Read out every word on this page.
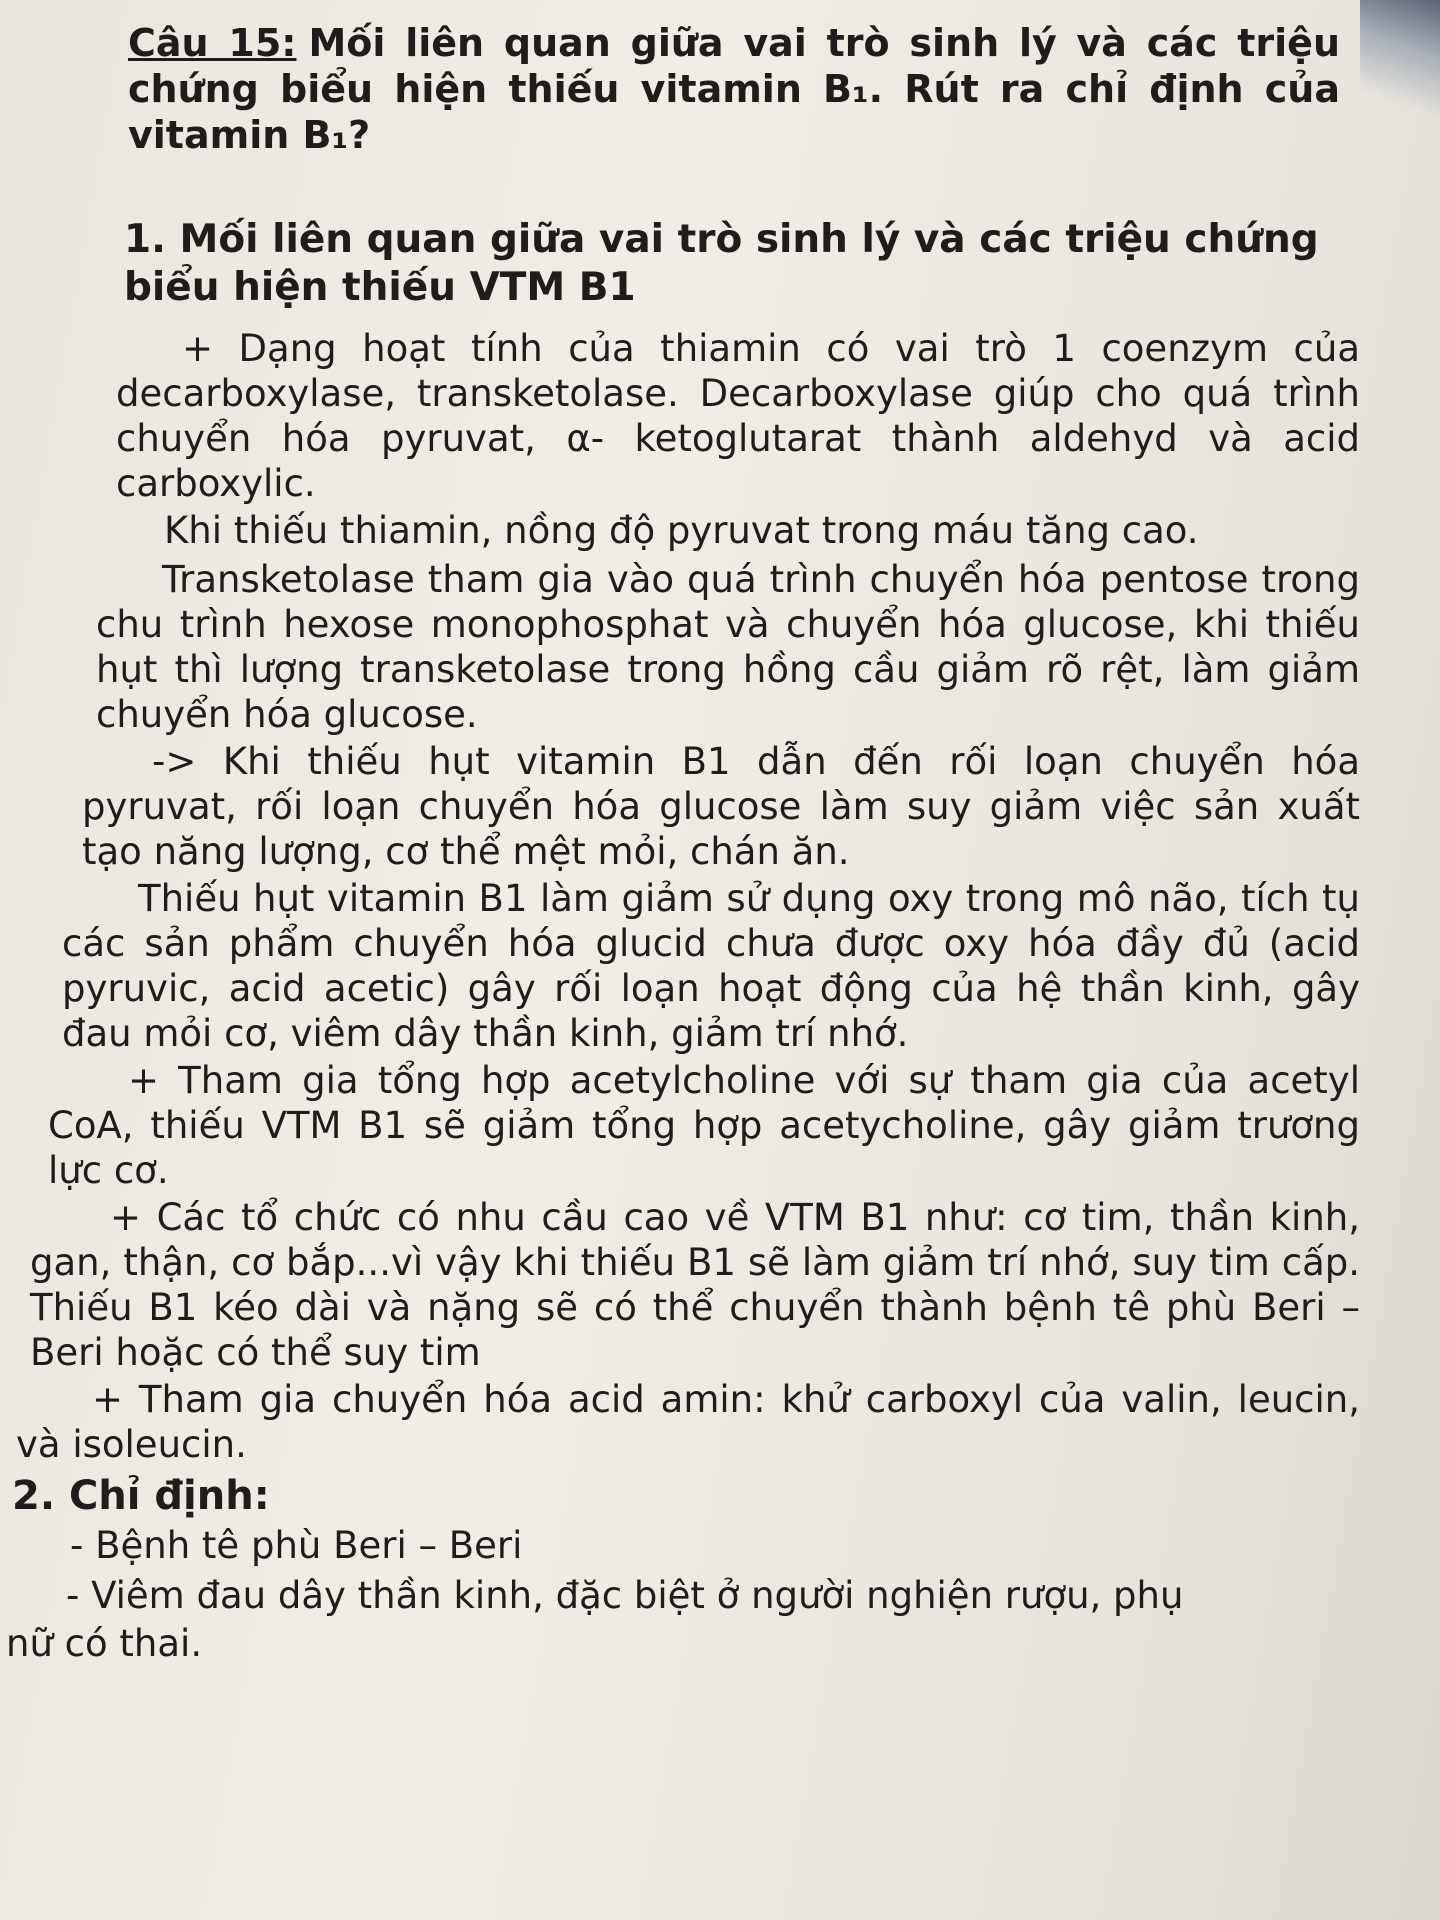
Câu 15: Mối liên quan giữa vai trò sinh lý và các triệu chứng biểu hiện thiếu vitamin B₁. Rút ra chỉ định của vitamin B₁?
1. Mối liên quan giữa vai trò sinh lý và các triệu chứng biểu hiện thiếu VTM B1
+ Dạng hoạt tính của thiamin có vai trò 1 coenzym của decarboxylase, transketolase. Decarboxylase giúp cho quá trình chuyển hóa pyruvat, α- ketoglutarat thành aldehyd và acid carboxylic.
Khi thiếu thiamin, nồng độ pyruvat trong máu tăng cao.
Transketolase tham gia vào quá trình chuyển hóa pentose trong chu trình hexose monophosphat và chuyển hóa glucose, khi thiếu hụt thì lượng transketolase trong hồng cầu giảm rõ rệt, làm giảm chuyển hóa glucose.
-> Khi thiếu hụt vitamin B1 dẫn đến rối loạn chuyển hóa pyruvat, rối loạn chuyển hóa glucose làm suy giảm việc sản xuất tạo năng lượng, cơ thể mệt mỏi, chán ăn.
Thiếu hụt vitamin B1 làm giảm sử dụng oxy trong mô não, tích tụ các sản phẩm chuyển hóa glucid chưa được oxy hóa đầy đủ (acid pyruvic, acid acetic) gây rối loạn hoạt động của hệ thần kinh, gây đau mỏi cơ, viêm dây thần kinh, giảm trí nhớ.
+ Tham gia tổng hợp acetylcholine với sự tham gia của acetyl CoA, thiếu VTM B1 sẽ giảm tổng hợp acetycholine, gây giảm trương lực cơ.
+ Các tổ chức có nhu cầu cao về VTM B1 như: cơ tim, thần kinh, gan, thận, cơ bắp...vì vậy khi thiếu B1 sẽ làm giảm trí nhớ, suy tim cấp. Thiếu B1 kéo dài và nặng sẽ có thể chuyển thành bệnh tê phù Beri – Beri hoặc có thể suy tim
+ Tham gia chuyển hóa acid amin: khử carboxyl của valin, leucin, và isoleucin.
2. Chỉ định:
- Bệnh tê phù Beri – Beri
- Viêm đau dây thần kinh, đặc biệt ở người nghiện rượu, phụ
nữ có thai.
